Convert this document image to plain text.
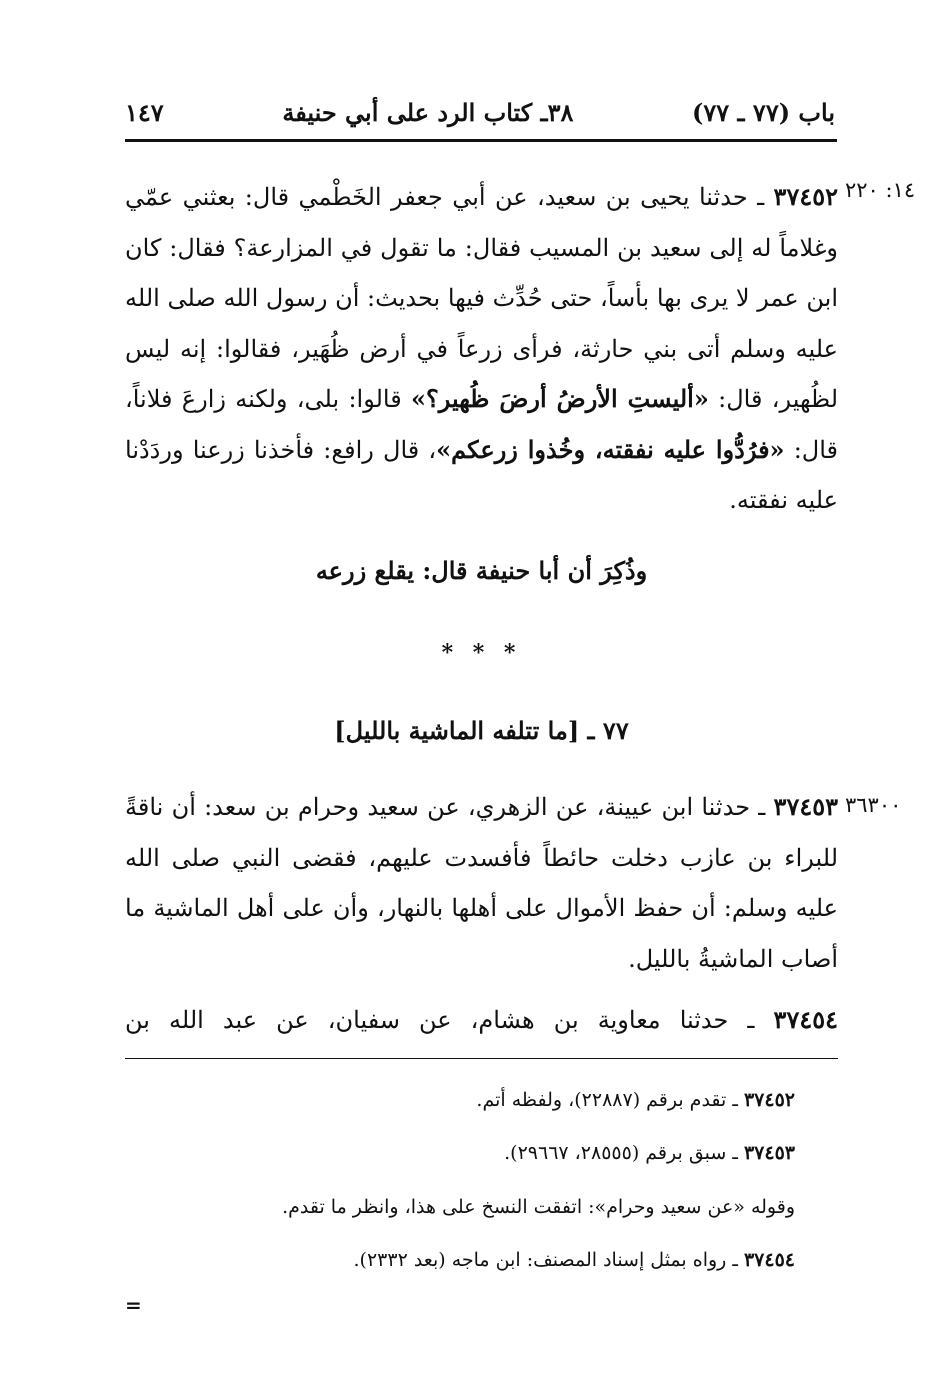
باب (٧٧ ـ ٧٧)
٣٨ـ كتاب الرد على أبي حنيفة
١٤٧
١٤: ٢٢٠
٣٧٤٥٢ ـ حدثنا يحيى بن سعيد، عن أبي جعفر الخَطْمي قال: بعثني عمّي وغلاماً له إلى سعيد بن المسيب فقال: ما تقول في المزارعة؟ فقال: كان ابن عمر لا يرى بها بأساً، حتى حُدِّث فيها بحديث: أن رسول الله صلى الله عليه وسلم أتى بني حارثة، فرأى زرعاً في أرض ظُهَير، فقالوا: إنه ليس لظُهير، قال: «أليستِ الأرضُ أرضَ ظُهير؟» قالوا: بلى، ولكنه زارعَ فلاناً، قال: «فرُدُّوا عليه نفقته، وخُذوا زرعكم»، قال رافع: فأخذنا زرعنا وردَدْنا عليه نفقته.
وذُكِرَ أن أبا حنيفة قال: يقلع زرعه
* * *
٧٧ ـ [ما تتلفه الماشية بالليل]
٣٦٣٠٠
٣٧٤٥٣ ـ حدثنا ابن عيينة، عن الزهري، عن سعيد وحرام بن سعد: أن ناقةً للبراء بن عازب دخلت حائطاً فأفسدت عليهم، فقضى النبي صلى الله عليه وسلم: أن حفظ الأموال على أهلها بالنهار، وأن على أهل الماشية ما أصاب الماشيةُ بالليل.
٣٧٤٥٤ ـ حدثنا معاوية بن هشام، عن سفيان، عن عبد الله بن
٣٧٤٥٢ ـ تقدم برقم (٢٢٨٨٧)، ولفظه أتم.
٣٧٤٥٣ ـ سبق برقم (٢٨٥٥٥، ٢٩٦٦٧).
وقوله «عن سعيد وحرام»: اتفقت النسخ على هذا، وانظر ما تقدم.
٣٧٤٥٤ ـ رواه بمثل إسناد المصنف: ابن ماجه (بعد ٢٣٣٢).
=
